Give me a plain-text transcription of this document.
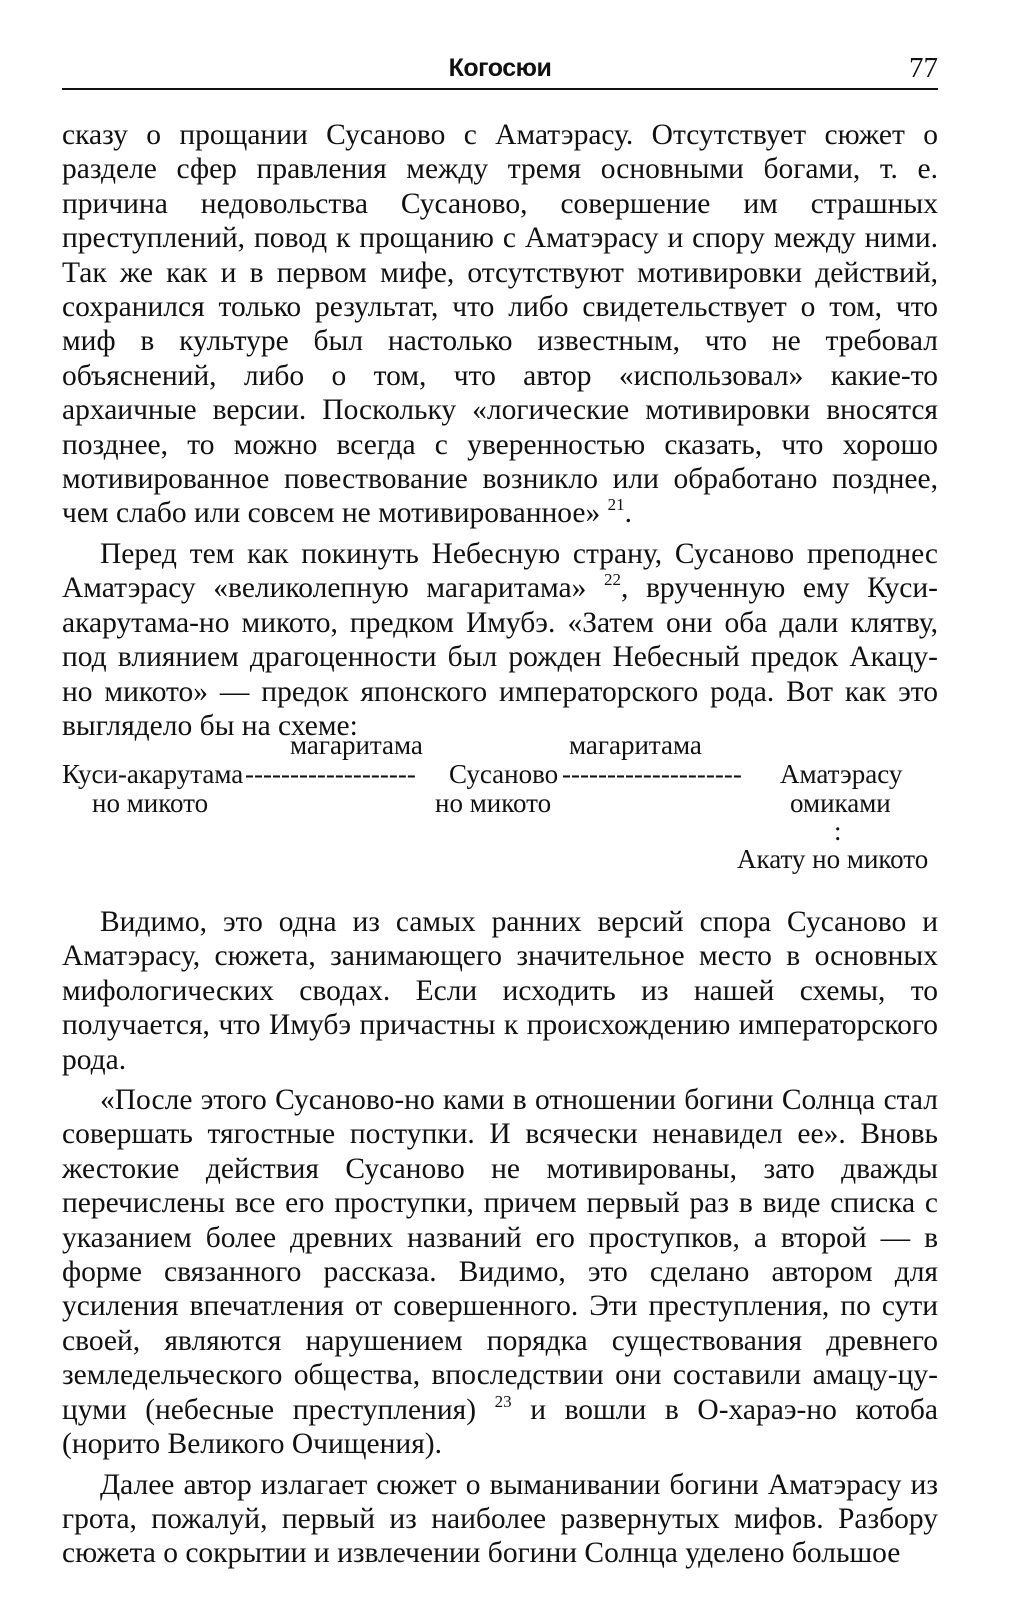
Когосюи	77

сказу о прощании Сусаново с Аматэрасу. Отсутствует сюжет о разделе сфер правления между тремя основными богами, т. е. причина недовольства Сусаново, совершение им страшных преступлений, повод к прощанию с Аматэрасу и спору между ними. Так же как и в первом мифе, отсутствуют мотивировки действий, сохранился только результат, что либо свидетельствует о том, что миф в культуре был настолько известным, что не требовал объяснений, либо о том, что автор «использовал» какие-то архаичные версии. Поскольку «логические мотивировки вносятся позднее, то можно всегда с уверенностью сказать, что хорошо мотивированное повествование возникло или обработано позднее, чем слабо или совсем не мотивированное» $^{21}$.

Перед тем как покинуть Небесную страну, Сусаново преподнес Аматэрасу «великолепную магаритама» $^{22}$, врученную ему Куси-акарутама-но микото, предком Имубэ. «Затем они оба дали клятву, под влиянием драгоценности был рожден Небесный предок Акацу-но микото» — предок японского императорского рода. Вот как это выглядело бы на схеме:

магаритама	магаритама
Куси-акарутама ------------------- Сусаново -------------------- Аматэрасу
но микото	но микото	омиками
:
Акату но микото

Видимо, это одна из самых ранних версий спора Сусаново и Аматэрасу, сюжета, занимающего значительное место в основных мифологических сводах. Если исходить из нашей схемы, то получается, что Имубэ причастны к происхождению императорского рода.

«После этого Сусаново-но ками в отношении богини Солнца стал совершать тягостные поступки. И всячески ненавидел ее». Вновь жестокие действия Сусаново не мотивированы, зато дважды перечислены все его проступки, причем первый раз в виде списка с указанием более древних названий его проступков, а второй — в форме связанного рассказа. Видимо, это сделано автором для усиления впечатления от совершенного. Эти преступления, по сути своей, являются нарушением порядка существования древнего земледельческого общества, впоследствии они составили амацу-цу-цуми (небесные преступления) $^{23}$ и вошли в О-хараэ-но котоба (норито Великого Очищения).

Далее автор излагает сюжет о выманивании богини Аматэрасу из грота, пожалуй, первый из наиболее развернутых мифов. Разбору сюжета о сокрытии и извлечении богини Солнца уделено большое
